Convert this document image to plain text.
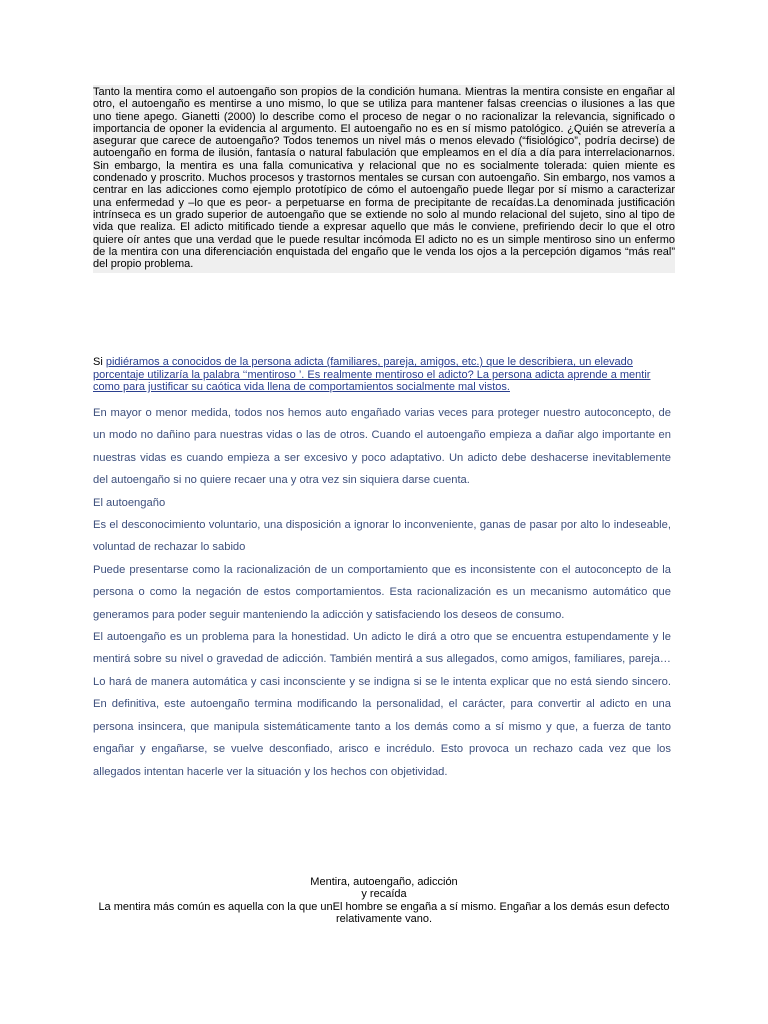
Tanto la mentira como el autoengaño son propios de la condición humana. Mientras la mentira consiste en engañar al otro, el autoengaño es mentirse a uno mismo, lo que se utiliza para mantener falsas creencias o ilusiones a las que uno tiene apego. Gianetti (2000) lo describe como el proceso de negar o no racionalizar la relevancia, significado o importancia de oponer la evidencia al argumento. El autoengaño no es en sí mismo patológico. ¿Quién se atrevería a asegurar que carece de autoengaño? Todos tenemos un nivel más o menos elevado (“fisiológico”, podría decirse) de autoengaño en forma de ilusión, fantasía o natural fabulación que empleamos en el día a día para interrelacionarnos. Sin embargo, la mentira es una falla comunicativa y relacional que no es socialmente tolerada: quien miente es condenado y proscrito. Muchos procesos y trastornos mentales se cursan con autoengaño. Sin embargo, nos vamos a centrar en las adicciones como ejemplo prototípico de cómo el autoengaño puede llegar por sí mismo a caracterizar una enfermedad y –lo que es peor- a perpetuarse en forma de precipitante de recaídas.La denominada justificación intrínseca es un grado superior de autoengaño que se extiende no solo al mundo relacional del sujeto, sino al tipo de vida que realiza. El adicto mitificado tiende a expresar aquello que más le conviene, prefiriendo decir lo que el otro quiere oír antes que una verdad que le puede resultar incómoda El adicto no es un simple mentiroso sino un enfermo de la mentira con una diferenciación enquistada del engaño que le venda los ojos a la percepción digamos “más real” del propio problema.

Si pidiéramos a conocidos de la persona adicta (familiares, pareja, amigos, etc.) que le describiera, un elevado porcentaje utilizaría la palabra ‘‘mentiroso ’. Es realmente mentiroso el adicto? La persona adicta aprende a mentir como para justificar su caótica vida llena de comportamientos socialmente mal vistos.

En mayor o menor medida, todos nos hemos auto engañado varias veces para proteger nuestro autoconcepto, de un modo no dañino para nuestras vidas o las de otros. Cuando el autoengaño empieza a dañar algo importante en nuestras vidas es cuando empieza a ser excesivo y poco adaptativo. Un adicto debe deshacerse inevitablemente del autoengaño si no quiere recaer una y otra vez sin siquiera darse cuenta.

El autoengaño

Es el desconocimiento voluntario, una disposición a ignorar lo inconveniente, ganas de pasar por alto lo indeseable, voluntad de rechazar lo sabido

Puede presentarse como la racionalización de un comportamiento que es inconsistente con el autoconcepto de la persona o como la negación de estos comportamientos. Esta racionalización es un mecanismo automático que generamos para poder seguir manteniendo la adicción y satisfaciendo los deseos de consumo.

El autoengaño es un problema para la honestidad. Un adicto le dirá a otro que se encuentra estupendamente y le mentirá sobre su nivel o gravedad de adicción. También mentirá a sus allegados, como amigos, familiares, pareja… Lo hará de manera automática y casi inconsciente y se indigna si se le intenta explicar que no está siendo sincero. En definitiva, este autoengaño termina modificando la personalidad, el carácter, para convertir al adicto en una persona insincera, que manipula sistemáticamente tanto a los demás como a sí mismo y que, a fuerza de tanto engañar y engañarse, se vuelve desconfiado, arisco e incrédulo. Esto provoca un rechazo cada vez que los allegados intentan hacerle ver la situación y los hechos con objetividad.

Mentira, autoengaño, adicción

y recaída

La mentira más común es aquella con la que unEl hombre se engaña a sí mismo. Engañar a los demás esun defecto relativamente vano.
